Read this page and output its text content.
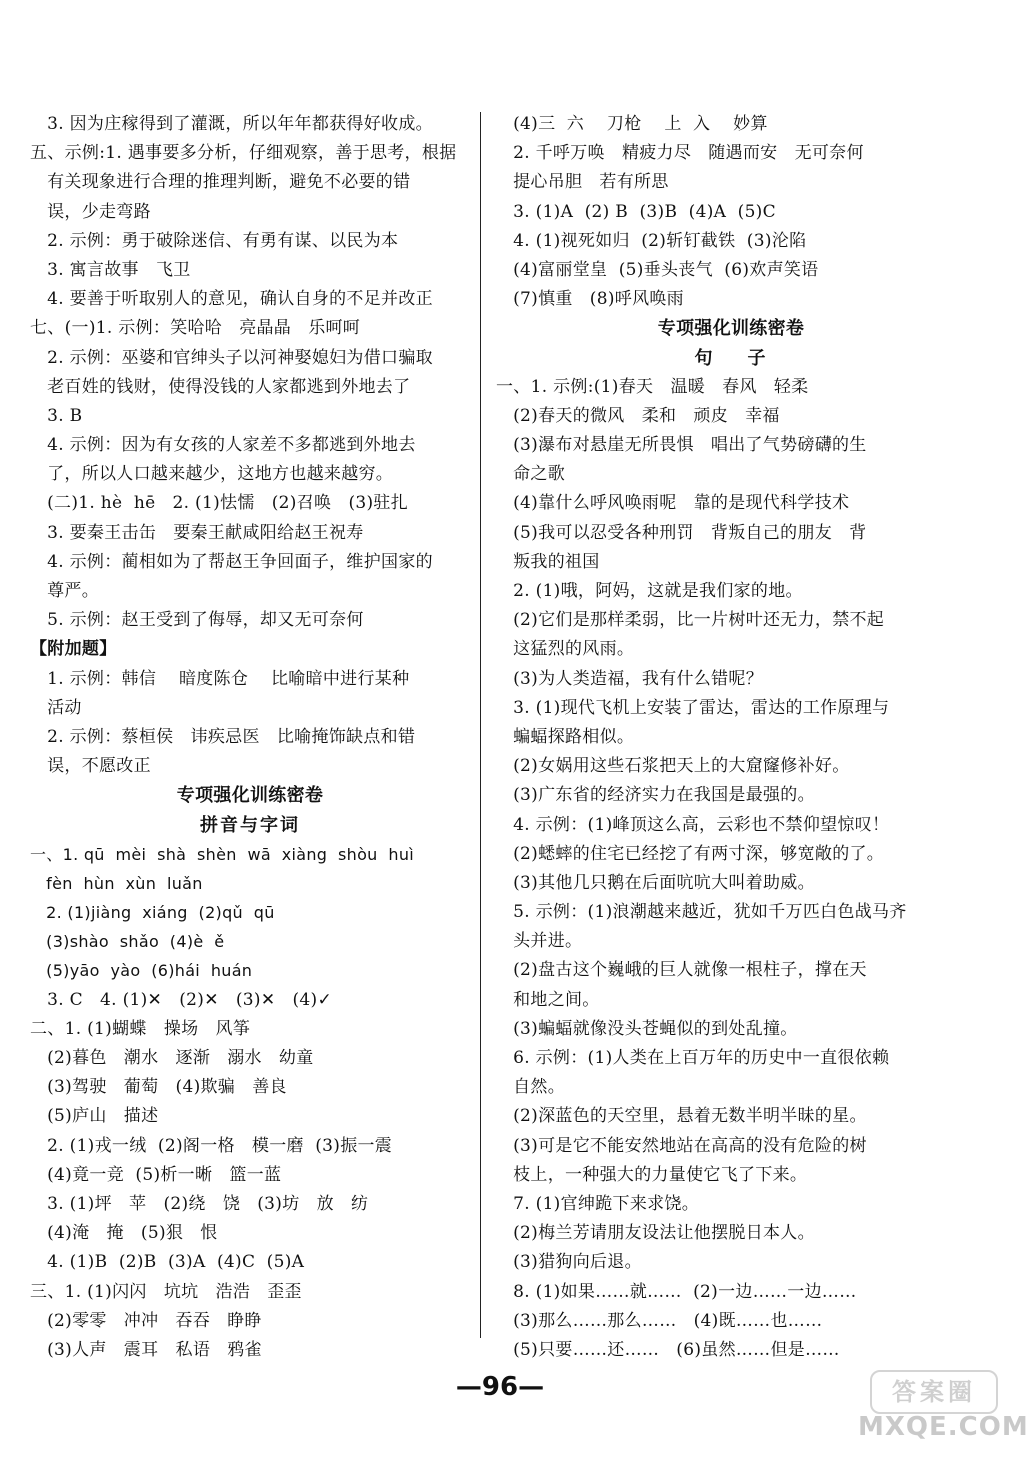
3. 因为庄稼得到了灌溉，所以年年都获得好收成。
五、示例:1. 遇事要多分析，仔细观察，善于思考，根据
有关现象进行合理的推理判断，避免不必要的错
误，少走弯路
2. 示例：勇于破除迷信、有勇有谋、以民为本
3. 寓言故事   飞卫
4. 要善于听取别人的意见，确认自身的不足并改正
七、(一)1. 示例：笑哈哈   亮晶晶   乐呵呵
2. 示例：巫婆和官绅头子以河神娶媳妇为借口骗取
老百姓的钱财，使得没钱的人家都逃到外地去了
3. B
4. 示例：因为有女孩的人家差不多都逃到外地去
了，所以人口越来越少，这地方也越来越穷。
(二)1. hè  hē   2. (1)怯懦   (2)召唤   (3)驻扎
3. 要秦王击缶   要秦王献咸阳给赵王祝寿
4. 示例：蔺相如为了帮赵王争回面子，维护国家的
尊严。
5. 示例：赵王受到了侮辱，却又无可奈何
【附加题】
1. 示例：韩信    暗度陈仓    比喻暗中进行某种
活动
2. 示例：蔡桓侯   讳疾忌医   比喻掩饰缺点和错
误，不愿改正
专项强化训练密卷
拼音与字词
一、1. qū  mèi  shà  shèn  wā  xiàng  shòu  huì
fèn  hùn  xùn  luǎn
2. (1)jiàng  xiáng  (2)qǔ  qū
(3)shào  shǎo  (4)è  ě
(5)yāo  yào  (6)hái  huán
3. C   4. (1)✕   (2)✕   (3)✕   (4)✓
二、1. (1)蝴蝶   操场   风筝
(2)暮色   潮水   逐渐   溺水   幼童
(3)驾驶   葡萄   (4)欺骗   善良
(5)庐山   描述
2. (1)戎一绒  (2)阁一格   模一磨  (3)振一震
(4)竟一竞  (5)析一晰   篮一蓝
3. (1)坪   苹   (2)绕   饶   (3)坊   放   纺
(4)淹   掩   (5)狠   恨
4. (1)B  (2)B  (3)A  (4)C  (5)A
三、1. (1)闪闪   坑坑   浩浩   歪歪
(2)零零   冲冲   吞吞   睁睁
(3)人声   震耳   私语   鸦雀
(4)三  六    刀枪    上  入    妙算
2. 千呼万唤   精疲力尽   随遇而安   无可奈何
提心吊胆   若有所思
3. (1)A  (2) B  (3)B  (4)A  (5)C
4. (1)视死如归  (2)斩钉截铁  (3)沦陷
(4)富丽堂皇  (5)垂头丧气  (6)欢声笑语
(7)慎重   (8)呼风唤雨
专项强化训练密卷
句    子
一、1. 示例:(1)春天   温暖   春风   轻柔
(2)春天的微风   柔和   顽皮   幸福
(3)瀑布对悬崖无所畏惧   唱出了气势磅礴的生
命之歌
(4)靠什么呼风唤雨呢   靠的是现代科学技术
(5)我可以忍受各种刑罚   背叛自己的朋友   背
叛我的祖国
2. (1)哦，阿妈，这就是我们家的地。
(2)它们是那样柔弱，比一片树叶还无力，禁不起
这猛烈的风雨。
(3)为人类造福，我有什么错呢？
3. (1)现代飞机上安装了雷达，雷达的工作原理与
蝙蝠探路相似。
(2)女娲用这些石浆把天上的大窟窿修补好。
(3)广东省的经济实力在我国是最强的。
4. 示例：(1)峰顶这么高，云彩也不禁仰望惊叹！
(2)蟋蟀的住宅已经挖了有两寸深，够宽敞的了。
(3)其他几只鹅在后面吭吭大叫着助威。
5. 示例：(1)浪潮越来越近，犹如千万匹白色战马齐
头并进。
(2)盘古这个巍峨的巨人就像一根柱子，撑在天
和地之间。
(3)蝙蝠就像没头苍蝇似的到处乱撞。
6. 示例：(1)人类在上百万年的历史中一直很依赖
自然。
(2)深蓝色的天空里，悬着无数半明半昧的星。
(3)可是它不能安然地站在高高的没有危险的树
枝上，一种强大的力量使它飞了下来。
7. (1)官绅跪下来求饶。
(2)梅兰芳请朋友设法让他摆脱日本人。
(3)猎狗向后退。
8. (1)如果……就……  (2)一边……一边……
(3)那么……那么……   (4)既……也……
(5)只要……还……   (6)虽然……但是……
—96—	答案圈
MXQE.COM
